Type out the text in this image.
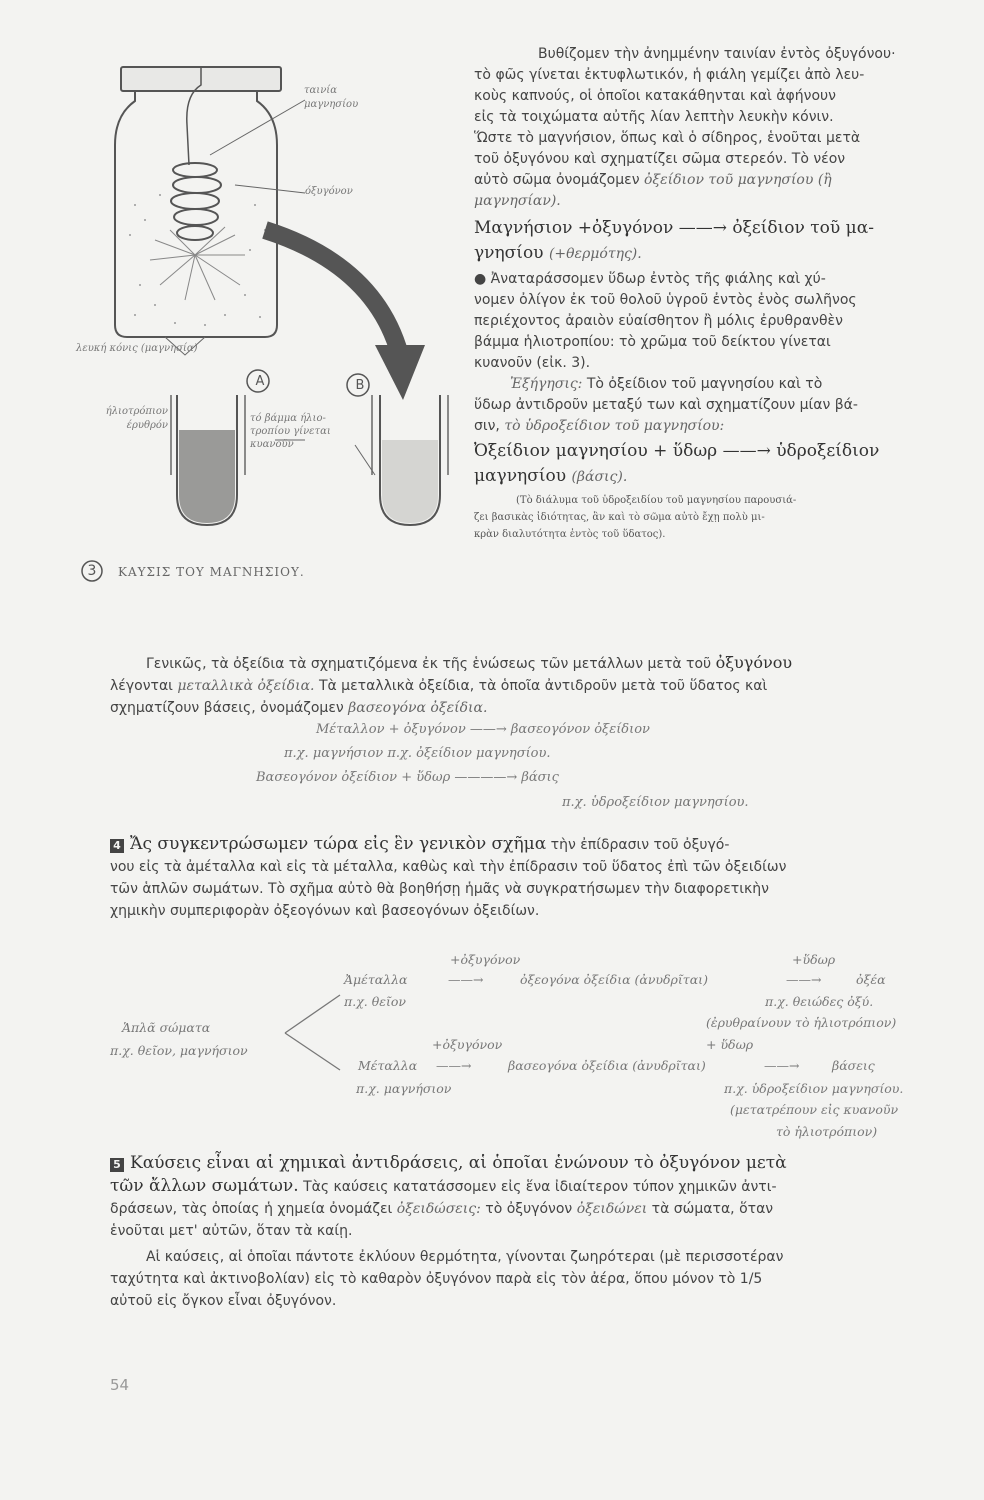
ταινία
μαγνησίου
όξυγόνον
λευκή κόνις (μαγνησία)
ήλιοτρόπιον
έρυθρόν
A	B
τό βάμμα ήλιο-
τροπίου γίνεται
κυανοῦν
3 ΚΑΥΣΙΣ ΤΟΥ ΜΑΓΝΗΣΙΟΥ.
Βυθίζομεν τὴν ἀνημμένην ταινίαν ἐντὸς ὀξυγόνου·
τὸ φῶς γίνεται ἐκτυφλωτικόν, ἡ φιάλη γεμίζει ἀπὸ λευ-
κοὺς καπνούς, οἱ ὁποῖοι κατακάθηνται καὶ ἀφήνουν
εἰς τὰ τοιχώματα αὐτῆς λίαν λεπτὴν λευκὴν κόνιν.
Ὥστε τὸ μαγνήσιον, ὅπως καὶ ὁ σίδηρος, ἑνοῦται μετὰ
τοῦ ὀξυγόνου καὶ σχηματίζει σῶμα στερεόν. Τὸ νέον
αὐτὸ σῶμα ὀνομάζομεν ὀξείδιον τοῦ μαγνησίου (ἢ
μαγνησίαν).
Μαγνήσιον +ὀξυγόνον ——→ ὀξείδιον τοῦ μα-
γνησίου (+θερμότης).
● Ἀναταράσσομεν ὕδωρ ἐντὸς τῆς φιάλης καὶ χύ-
νομεν ὀλίγον ἐκ τοῦ θολοῦ ὑγροῦ ἐντὸς ἑνὸς σωλῆνος
περιέχοντος ἀραιὸν εὐαίσθητον ἢ μόλις ἐρυθρανθὲν
βάμμα ἡλιοτροπίου: τὸ χρῶμα τοῦ δείκτου γίνεται
κυανοῦν (εἰκ. 3).
Ἐξήγησις: Τὸ ὀξείδιον τοῦ μαγνησίου καὶ τὸ
ὕδωρ ἀντιδροῦν μεταξύ των καὶ σχηματίζουν μίαν βά-
σιν, τὸ ὑδροξείδιον τοῦ μαγνησίου:
Ὀξείδιον μαγνησίου + ὕδωρ ——→ ὑδροξείδιον
μαγνησίου (βάσις).
(Τὸ διάλυμα τοῦ ὑδροξειδίου τοῦ μαγνησίου παρουσιά-
ζει βασικὰς ἰδιότητας, ἂν καὶ τὸ σῶμα αὐτὸ ἔχῃ πολὺ μι-
κρὰν διαλυτότητα ἐντὸς τοῦ ὕδατος).
Γενικῶς, τὰ ὀξείδια τὰ σχηματιζόμενα ἐκ τῆς ἑνώσεως τῶν μετάλλων μετὰ τοῦ ὀξυγόνου
λέγονται μεταλλικὰ ὀξείδια. Τὰ μεταλλικὰ ὀξείδια, τὰ ὁποῖα ἀντιδροῦν μετὰ τοῦ ὕδατος καὶ
σχηματίζουν βάσεις, ὀνομάζομεν βασεογόνα ὀξείδια.
Μέταλλον + ὀξυγόνον ——→ βασεογόνον ὀξείδιον
π.χ. μαγνήσιον π.χ. ὀξείδιον μαγνησίου.
Βασεογόνον ὀξείδιον + ὕδωρ ————→ βάσις
π.χ. ὑδροξείδιον μαγνησίου.
4 Ἄς συγκεντρώσωμεν τώρα εἰς ἓν γενικὸν σχῆμα τὴν ἐπίδρασιν τοῦ ὀξυγό-
νου εἰς τὰ ἀμέταλλα καὶ εἰς τὰ μέταλλα, καθὼς καὶ τὴν ἐπίδρασιν τοῦ ὕδατος ἐπὶ τῶν ὀξειδίων
τῶν ἁπλῶν σωμάτων. Τὸ σχῆμα αὐτὸ θὰ βοηθήσῃ ἡμᾶς νὰ συγκρατήσωμεν τὴν διαφορετικὴν
χημικὴν συμπεριφορὰν ὀξεογόνων καὶ βασεογόνων ὀξειδίων.
Ἁπλᾶ σώματα
π.χ. θεῖον, μαγνήσιον
+ὀξυγόνον	+ὕδωρ
Ἀμέταλλα	——→	ὀξεογόνα ὀξείδια (ἀνυδρῖται)	——→	ὀξέα
π.χ. θεῖον	π.χ. θειώδες ὀξύ.
(ἐρυθραίνουν τὸ ἡλιοτρόπιον)
+ὀξυγόνον	+ ὕδωρ
Μέταλλα ——→	βασεογόνα ὀξείδια (ἀνυδρῖται)	——→	βάσεις
π.χ. μαγνήσιον	π.χ. ὑδροξείδιον μαγνησίου.
(μετατρέπουν εἰς κυανοῦν
τὸ ἡλιοτρόπιον)
5 Καύσεις εἶναι αἱ χημικαὶ ἀντιδράσεις, αἱ ὁποῖαι ἑνώνουν τὸ ὀξυγόνον μετὰ
τῶν ἄλλων σωμάτων. Τὰς καύσεις κατατάσσομεν εἰς ἕνα ἰδιαίτερον τύπον χημικῶν ἀντι-
δράσεων, τὰς ὁποίας ἡ χημεία ὀνομάζει ὀξειδώσεις: τὸ ὀξυγόνον ὀξειδώνει τὰ σώματα, ὅταν
ἑνοῦται μετ' αὐτῶν, ὅταν τὰ καίῃ.
Αἱ καύσεις, αἱ ὁποῖαι πάντοτε ἐκλύουν θερμότητα, γίνονται ζωηρότεραι (μὲ περισσοτέραν
ταχύτητα καὶ ἀκτινοβολίαν) εἰς τὸ καθαρὸν ὀξυγόνον παρὰ εἰς τὸν ἀέρα, ὅπου μόνον τὸ 1/5
αὐτοῦ εἰς ὄγκον εἶναι ὀξυγόνον.
54
